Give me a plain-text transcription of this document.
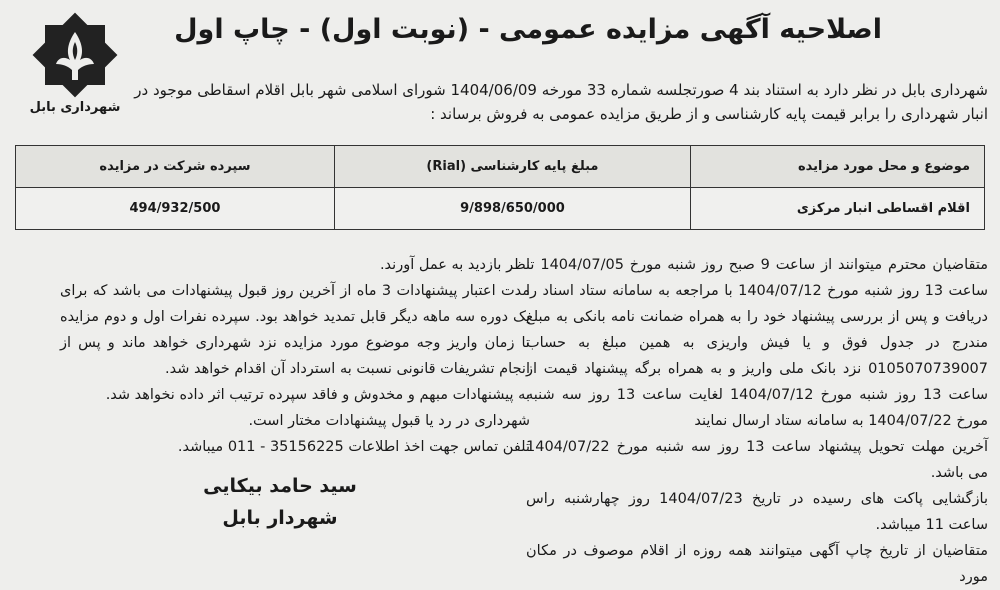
شهرداری بابل
اصلاحیه آگهی مزایده عمومی - (نوبت اول) - چاپ اول
شهرداری بابل در نظر دارد به استناد بند 4 صورتجلسه شماره 33 مورخه 1404/06/09 شورای اسلامی شهر بابل اقلام اسقاطی موجود در انبار شهرداری را برابر قیمت پایه کارشناسی و از طریق مزایده عمومی به فروش برساند :
موضوع و محل مورد مزایده	مبلغ پایه کارشناسی (Rial)	سپرده شرکت در مزایده
اقلام اقساطی انبار مرکزی	9/898/650/000	494/932/500

متقاضیان محترم میتوانند از ساعت 9 صبح روز شنبه مورخ 1404/07/05 تا ساعت 13 روز شنبه مورخ 1404/07/12 با مراجعه به سامانه ستاد اسناد را دریافت و پس از بررسی پیشنهاد خود را به همراه ضمانت نامه بانکی به مبلغ مندرج در جدول فوق و یا فیش واریزی به همین مبلغ به حساب 0105070739007 نزد بانک ملی واریز و به همراه برگه پیشنهاد قیمت از ساعت 13 روز شنبه مورخ 1404/07/12 لغایت ساعت 13 روز سه شنبه مورخ 1404/07/22 به سامانه ستاد ارسال نمایند

آخرین مهلت تحویل پیشنهاد ساعت 13 روز سه شنبه مورخ 1404/07/22 می باشد.

بازگشایی پاکت های رسیده در تاریخ 1404/07/23 روز چهارشنبه راس ساعت 11 میباشد.

متقاضیان از تاریخ چاپ آگهی میتوانند همه روزه از اقلام موصوف در مکان مورد

نظر بازدید به عمل آورند.

مدت اعتبار پیشنهادات 3 ماه از آخرین روز قبول پیشنهادات می باشد که برای یک دوره سه ماهه دیگر قابل تمدید خواهد بود. سپرده نفرات اول و دوم مزایده تا زمان واریز وجه موضوع مورد مزایده نزد شهرداری خواهد ماند و پس از انجام تشریفات قانونی نسبت به استرداد آن اقدام خواهد شد.

به پیشنهادات مبهم و مخدوش و فاقد سپرده ترتیب اثر داده نخواهد شد.

شهرداری در رد یا قبول پیشنهادات مختار است.

تلفن تماس جهت اخذ اطلاعات 35156225 - 011 میباشد.

سید حامد بیکایی
شهردار بابل
